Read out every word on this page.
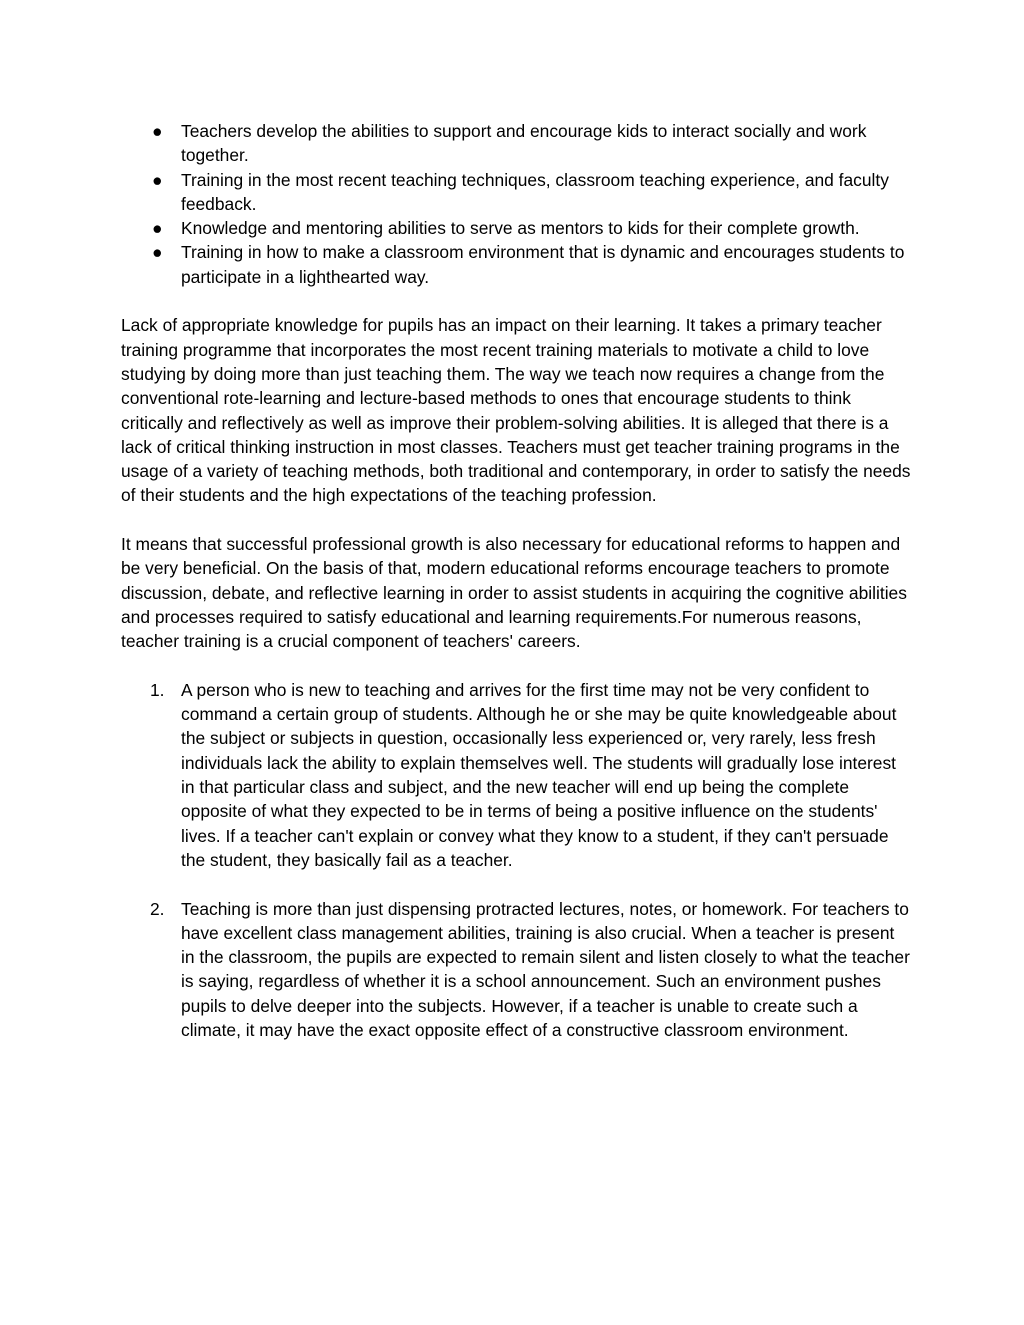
●	Teachers develop the abilities to support and encourage kids to interact socially and work together.
●	Training in the most recent teaching techniques, classroom teaching experience, and faculty feedback.
●	Knowledge and mentoring abilities to serve as mentors to kids for their complete growth.
●	Training in how to make a classroom environment that is dynamic and encourages students to participate in a lighthearted way.

Lack of appropriate knowledge for pupils has an impact on their learning. It takes a primary teacher training programme that incorporates the most recent training materials to motivate a child to love studying by doing more than just teaching them. The way we teach now requires a change from the conventional rote-learning and lecture-based methods to ones that encourage students to think critically and reflectively as well as improve their problem-solving abilities. It is alleged that there is a lack of critical thinking instruction in most classes. Teachers must get teacher training programs in the usage of a variety of teaching methods, both traditional and contemporary, in order to satisfy the needs of their students and the high expectations of the teaching profession.

It means that successful professional growth is also necessary for educational reforms to happen and be very beneficial. On the basis of that, modern educational reforms encourage teachers to promote discussion, debate, and reflective learning in order to assist students in acquiring the cognitive abilities and processes required to satisfy educational and learning requirements.For numerous reasons, teacher training is a crucial component of teachers' careers.

1. A person who is new to teaching and arrives for the first time may not be very confident to command a certain group of students. Although he or she may be quite knowledgeable about the subject or subjects in question, occasionally less experienced or, very rarely, less fresh individuals lack the ability to explain themselves well. The students will gradually lose interest in that particular class and subject, and the new teacher will end up being the complete opposite of what they expected to be in terms of being a positive influence on the students' lives. If a teacher can't explain or convey what they know to a student, if they can't persuade the student, they basically fail as a teacher.
2. Teaching is more than just dispensing protracted lectures, notes, or homework. For teachers to have excellent class management abilities, training is also crucial. When a teacher is present in the classroom, the pupils are expected to remain silent and listen closely to what the teacher is saying, regardless of whether it is a school announcement. Such an environment pushes pupils to delve deeper into the subjects. However, if a teacher is unable to create such a climate, it may have the exact opposite effect of a constructive classroom environment.
